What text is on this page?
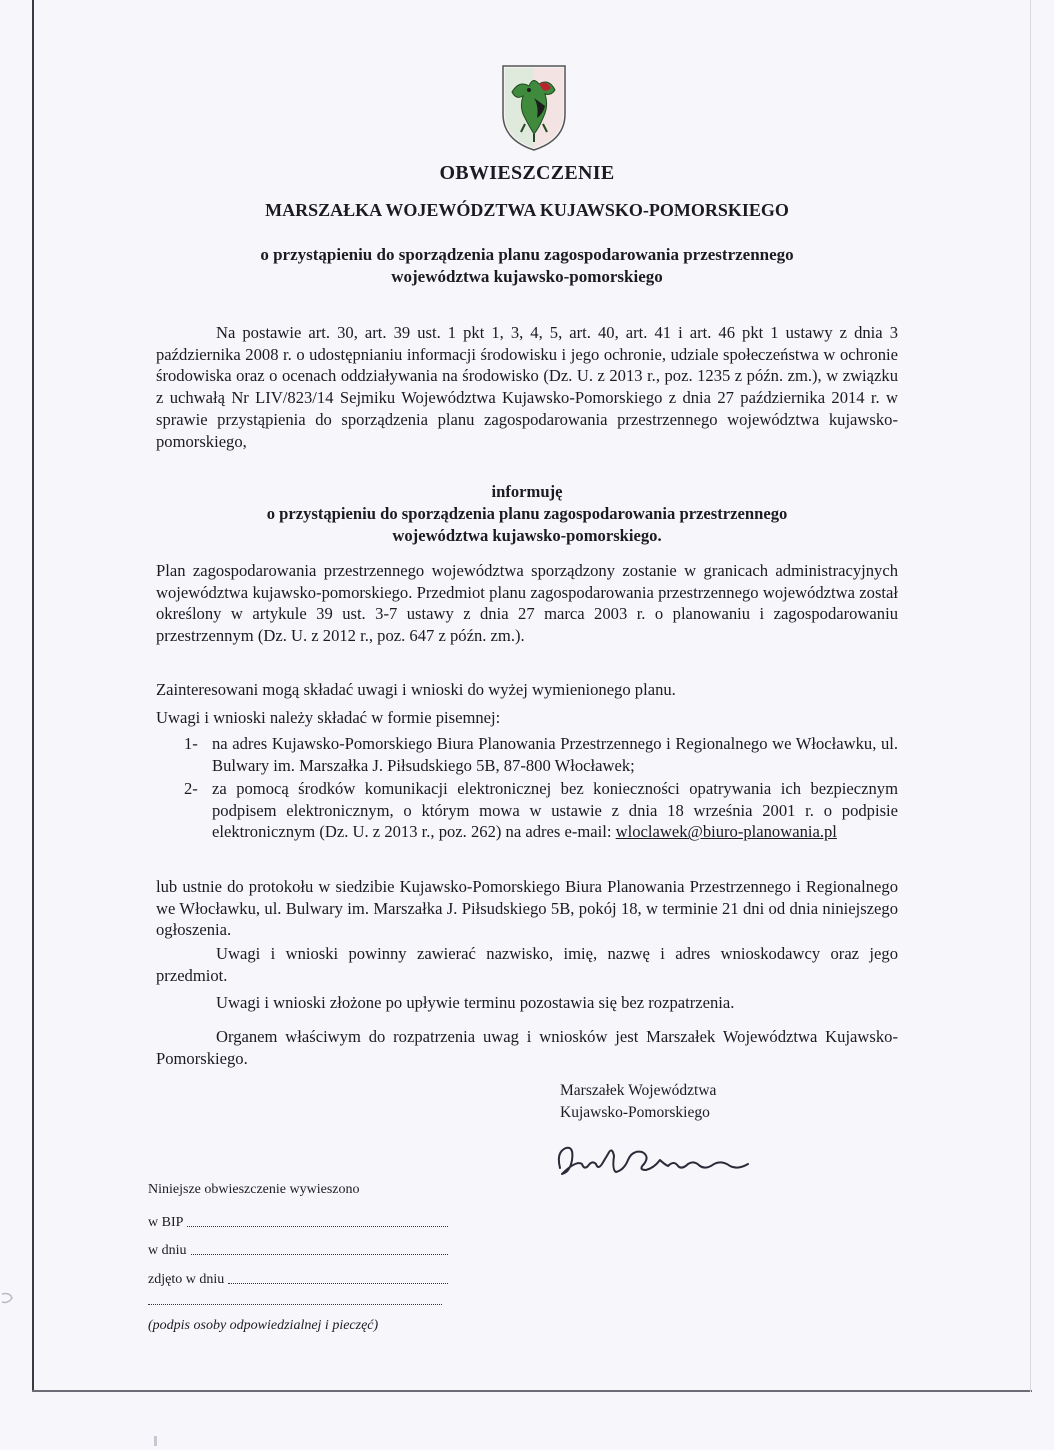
OBWIESZCZENIE
MARSZAŁKA WOJEWÓDZTWA KUJAWSKO-POMORSKIEGO
o przystąpieniu do sporządzenia planu zagospodarowania przestrzennego
województwa kujawsko-pomorskiego
Na postawie art. 30, art. 39 ust. 1 pkt 1, 3, 4, 5, art. 40, art. 41 i art. 46 pkt 1 ustawy z dnia 3 października 2008 r. o udostępnianiu informacji środowisku i jego ochronie, udziale społeczeństwa w ochronie środowiska oraz o ocenach oddziaływania na środowisko (Dz. U. z 2013 r., poz. 1235 z późn. zm.), w związku z uchwałą Nr LIV/823/14 Sejmiku Województwa Kujawsko-Pomorskiego z dnia 27 października 2014 r. w sprawie przystąpienia do sporządzenia planu zagospodarowania przestrzennego województwa kujawsko-pomorskiego,
informuję
o przystąpieniu do sporządzenia planu zagospodarowania przestrzennego
województwa kujawsko-pomorskiego.
Plan zagospodarowania przestrzennego województwa sporządzony zostanie w granicach administracyjnych województwa kujawsko-pomorskiego. Przedmiot planu zagospodarowania przestrzennego województwa został określony w artykule 39 ust. 3-7 ustawy z dnia 27 marca 2003 r. o planowaniu i zagospodarowaniu przestrzennym (Dz. U. z 2012 r., poz. 647 z późn. zm.).
Zainteresowani mogą składać uwagi i wnioski do wyżej wymienionego planu.
Uwagi i wnioski należy składać w formie pisemnej:
1- na adres Kujawsko-Pomorskiego Biura Planowania Przestrzennego i Regionalnego we Włocławku, ul. Bulwary im. Marszałka J. Piłsudskiego 5B, 87-800 Włocławek;
2- za pomocą środków komunikacji elektronicznej bez konieczności opatrywania ich bezpiecznym podpisem elektronicznym, o którym mowa w ustawie z dnia 18 września 2001 r. o podpisie elektronicznym (Dz. U. z 2013 r., poz. 262) na adres e-mail: wloclawek@biuro-planowania.pl
lub ustnie do protokołu w siedzibie Kujawsko-Pomorskiego Biura Planowania Przestrzennego i Regionalnego we Włocławku, ul. Bulwary im. Marszałka J. Piłsudskiego 5B, pokój 18, w terminie 21 dni od dnia niniejszego ogłoszenia.
Uwagi i wnioski powinny zawierać nazwisko, imię, nazwę i adres wnioskodawcy oraz jego przedmiot.
Uwagi i wnioski złożone po upływie terminu pozostawia się bez rozpatrzenia.
Organem właściwym do rozpatrzenia uwag i wniosków jest Marszałek Województwa Kujawsko-Pomorskiego.
Marszałek Województwa
Kujawsko-Pomorskiego
Niniejsze obwieszczenie wywieszono
w BIP
w dniu
zdjęto w dniu
(podpis osoby odpowiedzialnej i pieczęć)
